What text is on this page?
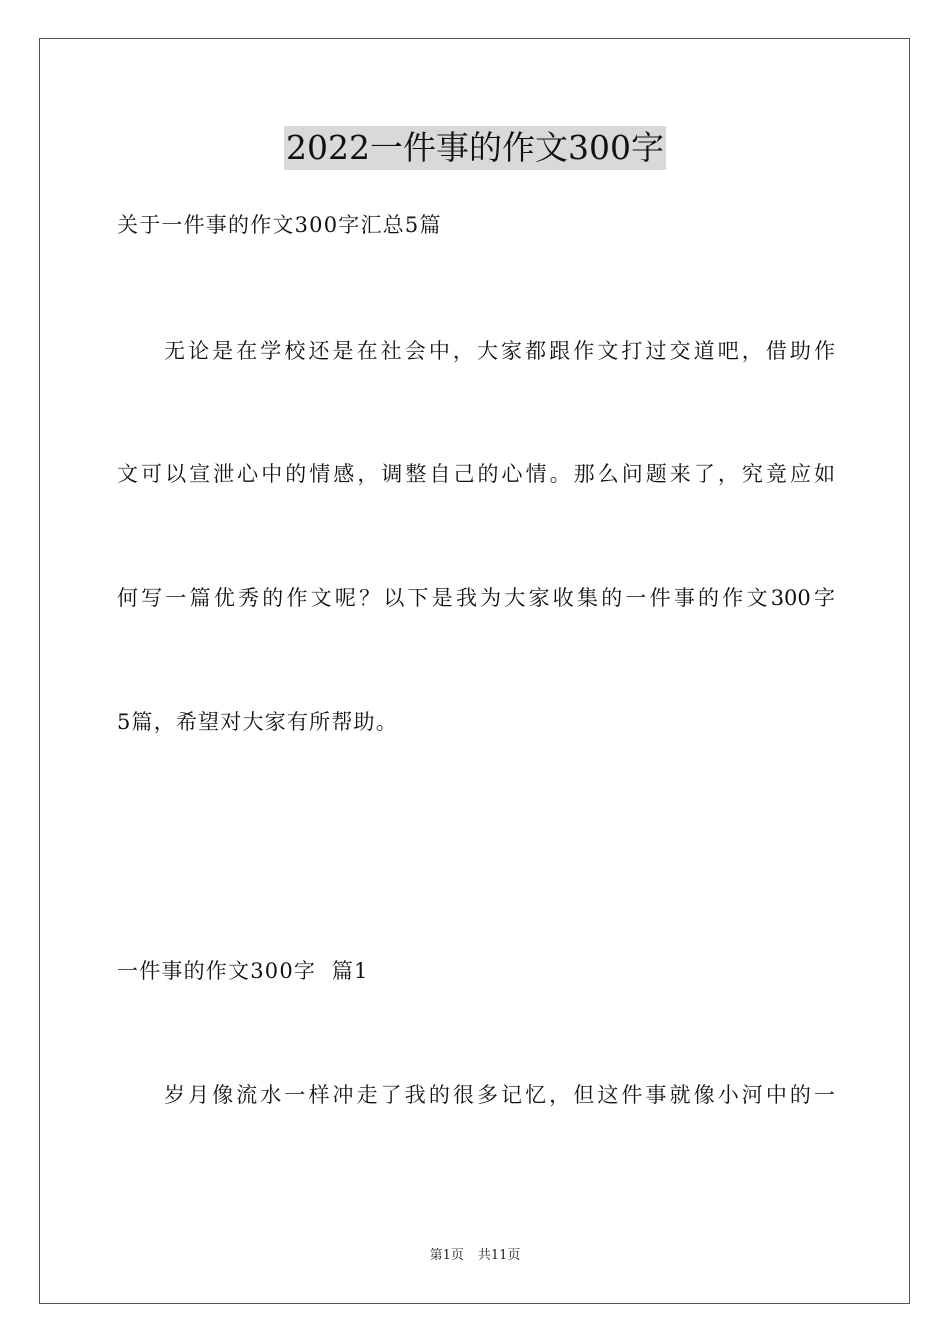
2022一件事的作文300字

关于一件事的作文300字汇总5篇

无论是在学校还是在社会中，大家都跟作文打过交道吧，借助作

文可以宣泄心中的情感，调整自己的心情。那么问题来了，究竟应如

何写一篇优秀的作文呢？以下是我为大家收集的一件事的作文300字

5篇，希望对大家有所帮助。

一件事的作文300字  篇1

岁月像流水一样冲走了我的很多记忆，但这件事就像小河中的一

第1页 共11页
